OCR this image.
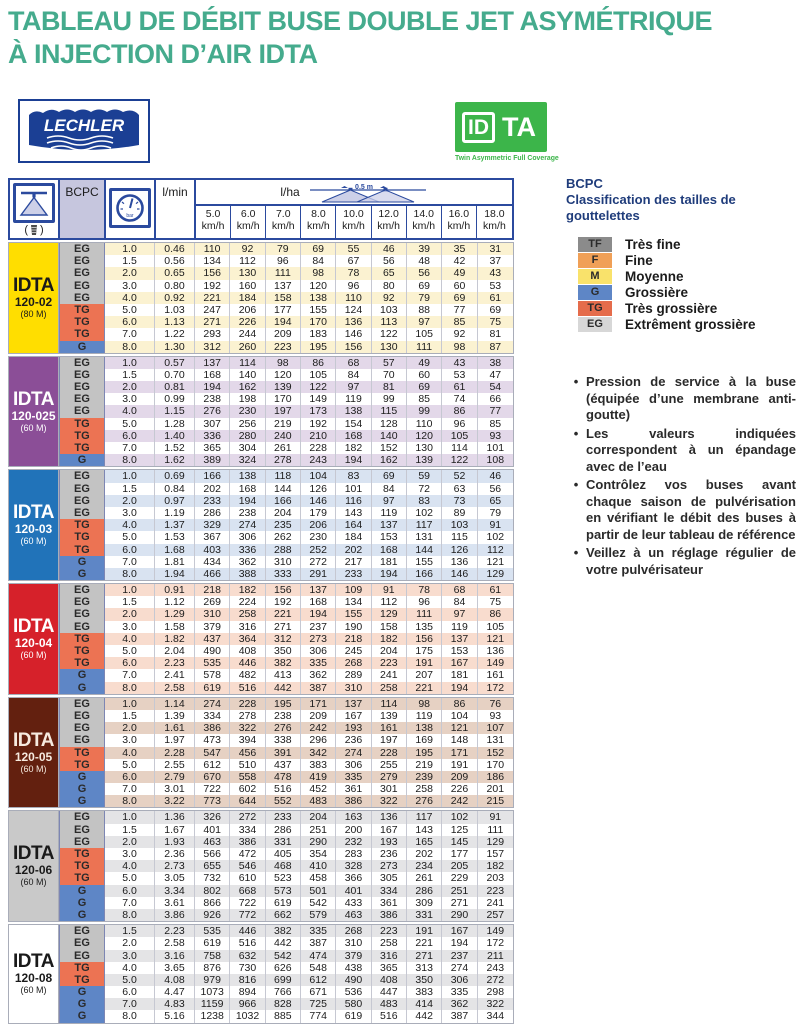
TABLEAU DE DÉBIT BUSE DOUBLE JET ASYMÉTRIQUE
À INJECTION D’AIR IDTA
LECHLER	ID TA
Twin Asymmetric Full Coverage
( )
BCPC
bar
l/min	l/ha	0.5 m
5.0
km/h
6.0
km/h
7.0
km/h
8.0
km/h
10.0
km/h
12.0
km/h
14.0
km/h
16.0
km/h
18.0
km/h
IDTA
120-02
(80 M)
EG	1.0	0.46	110	92	79	69	55	46	39	35	31
EG	1.5	0.56	134	112	96	84	67	56	48	42	37
EG	2.0	0.65	156	130	111	98	78	65	56	49	43
EG	3.0	0.80	192	160	137	120	96	80	69	60	53
EG	4.0	0.92	221	184	158	138	110	92	79	69	61
TG	5.0	1.03	247	206	177	155	124	103	88	77	69
TG	6.0	1.13	271	226	194	170	136	113	97	85	75
TG	7.0	1.22	293	244	209	183	146	122	105	92	81
G	8.0	1.30	312	260	223	195	156	130	111	98	87
IDTA
120-025
(60 M)
EG	1.0	0.57	137	114	98	86	68	57	49	43	38
EG	1.5	0.70	168	140	120	105	84	70	60	53	47
EG	2.0	0.81	194	162	139	122	97	81	69	61	54
EG	3.0	0.99	238	198	170	149	119	99	85	74	66
EG	4.0	1.15	276	230	197	173	138	115	99	86	77
TG	5.0	1.28	307	256	219	192	154	128	110	96	85
TG	6.0	1.40	336	280	240	210	168	140	120	105	93
TG	7.0	1.52	365	304	261	228	182	152	130	114	101
G	8.0	1.62	389	324	278	243	194	162	139	122	108
IDTA
120-03
(60 M)
EG	1.0	0.69	166	138	118	104	83	69	59	52	46
EG	1.5	0.84	202	168	144	126	101	84	72	63	56
EG	2.0	0.97	233	194	166	146	116	97	83	73	65
EG	3.0	1.19	286	238	204	179	143	119	102	89	79
TG	4.0	1.37	329	274	235	206	164	137	117	103	91
TG	5.0	1.53	367	306	262	230	184	153	131	115	102
TG	6.0	1.68	403	336	288	252	202	168	144	126	112
G	7.0	1.81	434	362	310	272	217	181	155	136	121
G	8.0	1.94	466	388	333	291	233	194	166	146	129
IDTA
120-04
(60 M)
EG	1.0	0.91	218	182	156	137	109	91	78	68	61
EG	1.5	1.12	269	224	192	168	134	112	96	84	75
EG	2.0	1.29	310	258	221	194	155	129	111	97	86
EG	3.0	1.58	379	316	271	237	190	158	135	119	105
TG	4.0	1.82	437	364	312	273	218	182	156	137	121
TG	5.0	2.04	490	408	350	306	245	204	175	153	136
TG	6.0	2.23	535	446	382	335	268	223	191	167	149
G	7.0	2.41	578	482	413	362	289	241	207	181	161
G	8.0	2.58	619	516	442	387	310	258	221	194	172
IDTA
120-05
(60 M)
EG	1.0	1.14	274	228	195	171	137	114	98	86	76
EG	1.5	1.39	334	278	238	209	167	139	119	104	93
EG	2.0	1.61	386	322	276	242	193	161	138	121	107
EG	3.0	1.97	473	394	338	296	236	197	169	148	131
TG	4.0	2.28	547	456	391	342	274	228	195	171	152
TG	5.0	2.55	612	510	437	383	306	255	219	191	170
G	6.0	2.79	670	558	478	419	335	279	239	209	186
G	7.0	3.01	722	602	516	452	361	301	258	226	201
G	8.0	3.22	773	644	552	483	386	322	276	242	215
IDTA
120-06
(60 M)
EG	1.0	1.36	326	272	233	204	163	136	117	102	91
EG	1.5	1.67	401	334	286	251	200	167	143	125	111
EG	2.0	1.93	463	386	331	290	232	193	165	145	129
TG	3.0	2.36	566	472	405	354	283	236	202	177	157
TG	4.0	2.73	655	546	468	410	328	273	234	205	182
TG	5.0	3.05	732	610	523	458	366	305	261	229	203
G	6.0	3.34	802	668	573	501	401	334	286	251	223
G	7.0	3.61	866	722	619	542	433	361	309	271	241
G	8.0	3.86	926	772	662	579	463	386	331	290	257
IDTA
120-08
(60 M)
EG	1.5	2.23	535	446	382	335	268	223	191	167	149
EG	2.0	2.58	619	516	442	387	310	258	221	194	172
EG	3.0	3.16	758	632	542	474	379	316	271	237	211
TG	4.0	3.65	876	730	626	548	438	365	313	274	243
TG	5.0	4.08	979	816	699	612	490	408	350	306	272
G	6.0	4.47	1073	894	766	671	536	447	383	335	298
G	7.0	4.83	1159	966	828	725	580	483	414	362	322
G	8.0	5.16	1238	1032	885	774	619	516	442	387	344
BCPC
Classification des tailles de gouttelettes
TF	Très fine
F	Fine
M	Moyenne
G	Grossière
TG	Très grossière
EG	Extrêment grossière
• Pression de service à la buse (équipée d’une membrane anti-goutte)
• Les valeurs indiquées correspondent à un épandage avec de l’eau
• Contrôlez vos buses avant chaque saison de pulvérisation en vérifiant le débit des buses à partir de leur tableau de référence
• Veillez à un réglage régulier de votre pulvérisateur
